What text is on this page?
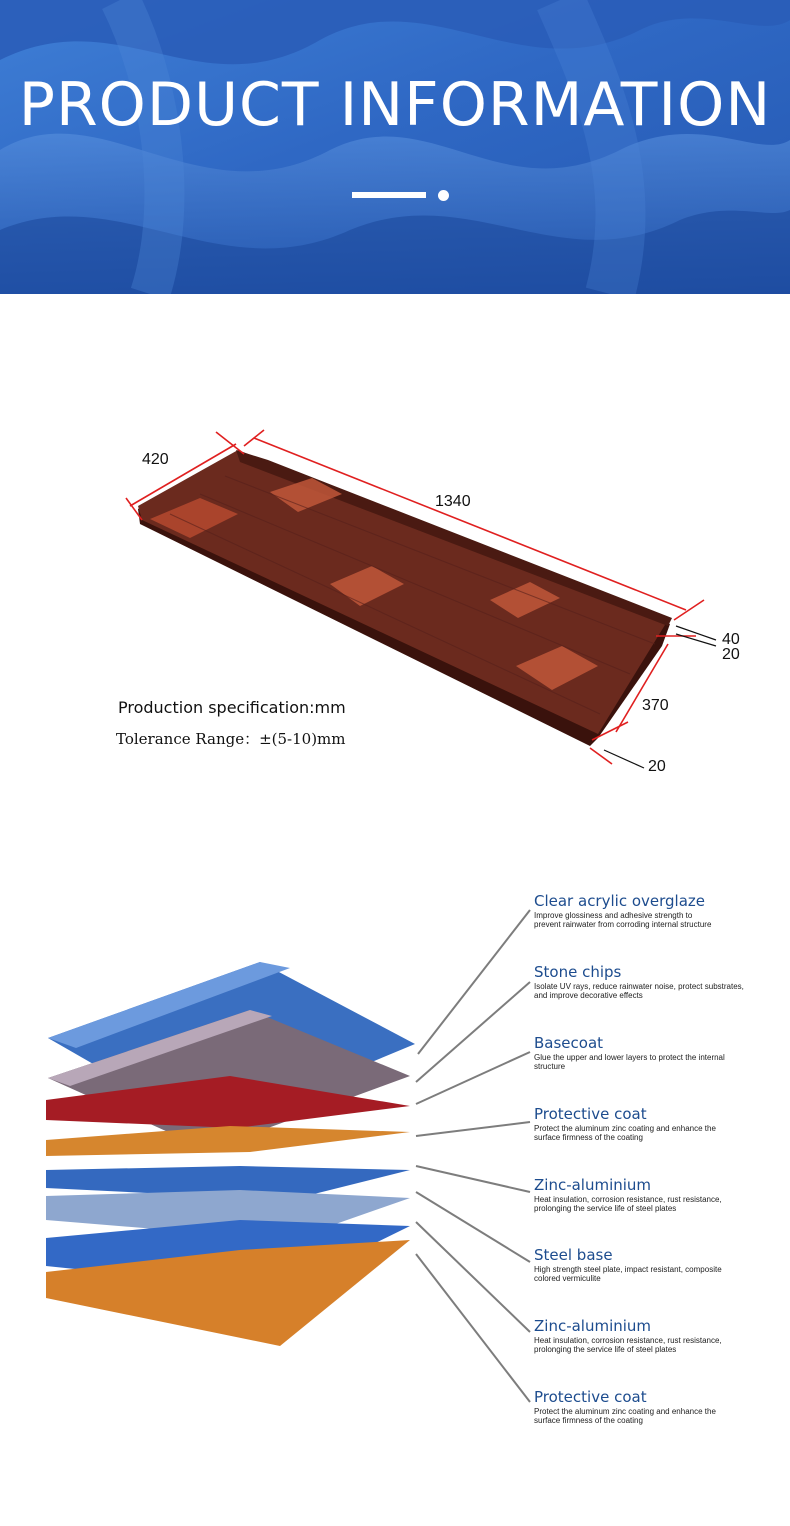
PRODUCT INFORMATION
420
1340
40
20
370
20
Production specification:mm
Tolerance Range：±(5-10)mm

Clear acrylic overglaze

Improve glossiness and adhesive strength to
prevent rainwater from corroding internal structure

Stone chips

Isolate UV rays, reduce rainwater noise, protect substrates,
and improve decorative effects

Basecoat

Glue the upper and lower layers to protect the internal
structure

Protective coat

Protect the aluminum zinc coating and enhance the
surface firmness of the coating

Zinc-aluminium

Heat insulation, corrosion resistance, rust resistance,
prolonging the service life of steel plates

Steel base

High strength steel plate, impact resistant, composite
colored vermiculite

Zinc-aluminium

Heat insulation, corrosion resistance, rust resistance,
prolonging the service life of steel plates

Protective coat

Protect the aluminum zinc coating and enhance the
surface firmness of the coating
